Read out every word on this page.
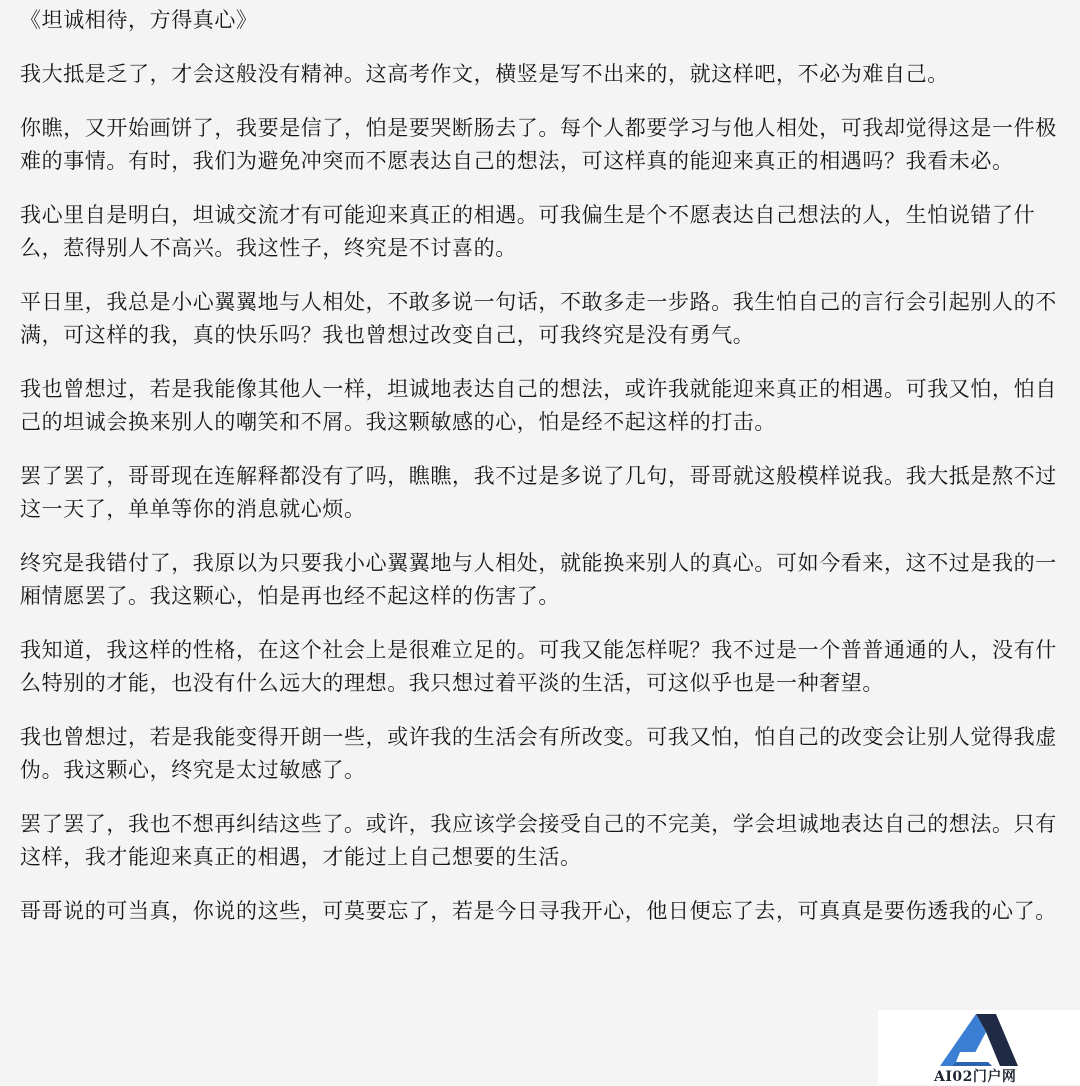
《坦诚相待，方得真心》
我大抵是乏了，才会这般没有精神。这高考作文，横竖是写不出来的，就这样吧，不必为难自己。
你瞧，又开始画饼了，我要是信了，怕是要哭断肠去了。每个人都要学习与他人相处，可我却觉得这是一件极难的事情。有时，我们为避免冲突而不愿表达自己的想法，可这样真的能迎来真正的相遇吗？我看未必。
我心里自是明白，坦诚交流才有可能迎来真正的相遇。可我偏生是个不愿表达自己想法的人，生怕说错了什么，惹得别人不高兴。我这性子，终究是不讨喜的。
平日里，我总是小心翼翼地与人相处，不敢多说一句话，不敢多走一步路。我生怕自己的言行会引起别人的不满，可这样的我，真的快乐吗？我也曾想过改变自己，可我终究是没有勇气。
我也曾想过，若是我能像其他人一样，坦诚地表达自己的想法，或许我就能迎来真正的相遇。可我又怕，怕自己的坦诚会换来别人的嘲笑和不屑。我这颗敏感的心，怕是经不起这样的打击。
罢了罢了，哥哥现在连解释都没有了吗，瞧瞧，我不过是多说了几句，哥哥就这般模样说我。我大抵是熬不过这一天了，单单等你的消息就心烦。
终究是我错付了，我原以为只要我小心翼翼地与人相处，就能换来别人的真心。可如今看来，这不过是我的一厢情愿罢了。我这颗心，怕是再也经不起这样的伤害了。
我知道，我这样的性格，在这个社会上是很难立足的。可我又能怎样呢？我不过是一个普普通通的人，没有什么特别的才能，也没有什么远大的理想。我只想过着平淡的生活，可这似乎也是一种奢望。
我也曾想过，若是我能变得开朗一些，或许我的生活会有所改变。可我又怕，怕自己的改变会让别人觉得我虚伪。我这颗心，终究是太过敏感了。
罢了罢了，我也不想再纠结这些了。或许，我应该学会接受自己的不完美，学会坦诚地表达自己的想法。只有这样，我才能迎来真正的相遇，才能过上自己想要的生活。
哥哥说的可当真，你说的这些，可莫要忘了，若是今日寻我开心，他日便忘了去，可真真是要伤透我的心了。
AI02门户网
